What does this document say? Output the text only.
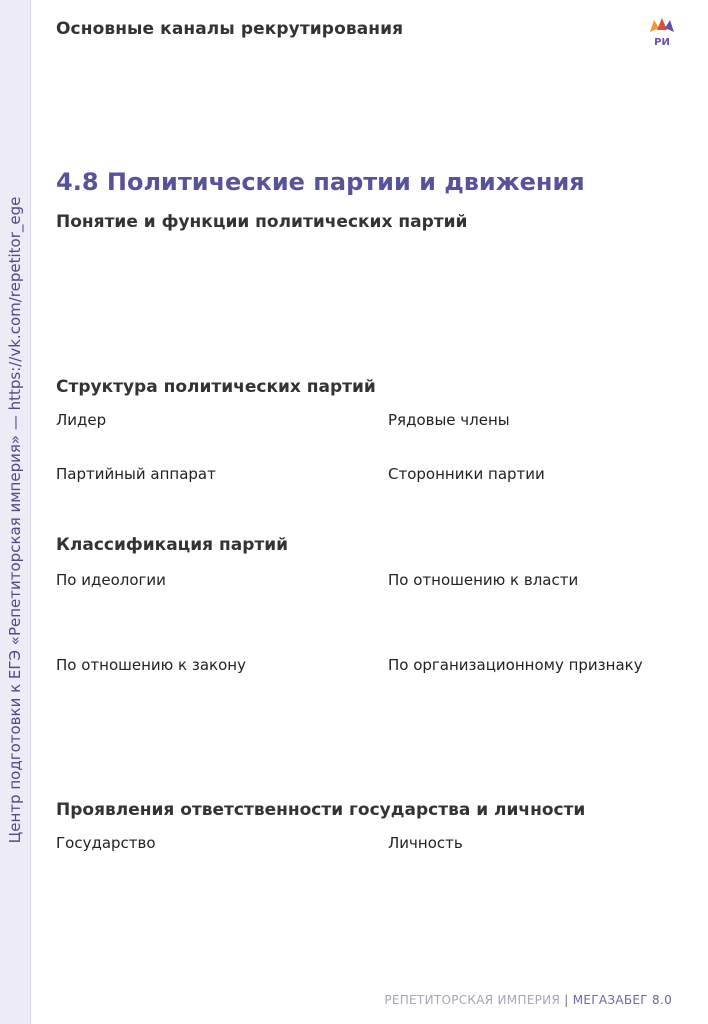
Центр подготовки к ЕГЭ «Репетиторская империя» — https://vk.com/repetitor_ege
Основные каналы рекрутирования
РИ
4.8 Политические партии и движения
Понятие и функции политических партий
Структура политических партий
Лидер	Рядовые члены
Партийный аппарат	Сторонники партии
Классификация партий
По идеологии	По отношению к власти
По отношению к закону	По организационному признаку
Проявления ответственности государства и личности
Государство	Личность
РЕПЕТИТОРСКАЯ ИМПЕРИЯ | МЕГАЗАБЕГ 8.0
